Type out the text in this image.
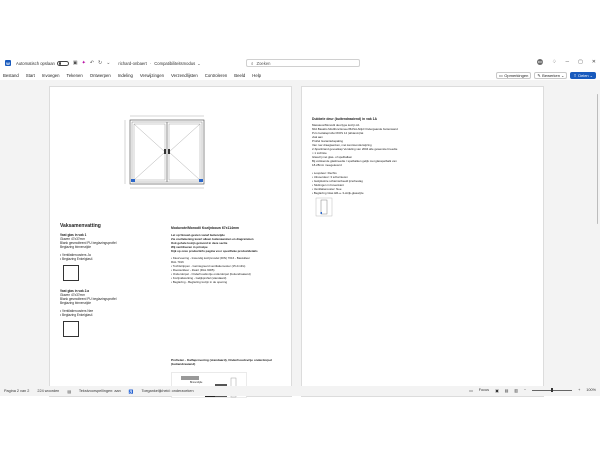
W Automatisch opslaan	▣ ✦ ↶ ↻ ⌄ richard-onbaert · Compatibiliteitsmodus ⌄	⌕ Zoeken	RO ♢ ─ ▢ ✕
Bestand Start Invoegen Tekenen Ontwerpen Indeling Verwijzingen Verzendlijsten Controleren Beeld Help	▭ Opmerkingen ✎ Bewerken ⌄ ⇪ Delen ⌄
Vaksamenvatting
Vast glas in vak 1
Glazen 47x37mm
Blank gesmolteerd PU beglazingsprofiel
Beglazing binnenzijde
• Ventilatieroosters Ja
• Beglazing Enkelglas4
Vast glas in vak 2.a
Glazen 47x37mm
Blank gesmolteerd PU beglazingsprofiel
Beglazing binnenzijde
• Ventilatieroosters Nee
• Beglazing Enkelglas4
Moduvote/Monodii Kozijnbouw 67x114mm
Let op! Bouwt-gesten vanaf buitenzijde
Zie vooltekening levert alleen buitenaanzien en diagrammen
Ook gehele kozijn getoond in deze sectie
Wij ventiliseren in principe
Kijk op onze productinfo pagina voor specifieke productdetails
• Kleurvoering - Inwendig kozijnmodel (DIN) 7016 - Basiskleur
RAL 7016
• Tochtstrippen - Geïntegreerd ventilatierooster (15 dm3/s)
• Roosterkleur - Zwart (RAL 9005)
• Onderdorpel - Onderhoudsvrije onderdorpel (buitendraaiend)
• Kozijnafwerking - Gelijkprofiel (standaard)
• Beglazing - Beglazing kozijn in de opening
Profielen - Kalfaprovering (standaard), Onderhoudsvrije onderdorpel (buitendraaiend)
Binnenzijde
Dubbele deur (buitendraaiend) in vak 1A
Massieve/Monodii deurtype kozijn A1
60A Basalto Modifunctioneel BASA Altijd Ondergaande buitenwand
Pu's Isolatieprofiel WOS 14 (afstand-)lat
vlak aan
Profiel Garantiebepaling
Van ruw draagwerken, met kennisonderwijzing
2-Spanbrand gevoelkap Verdeling van 2004 alle gewenste breedte
≈ 1 Lichtste
Glasvrij met glas- of spelbalken
Bij voldoende glasbreedte / spelbalken gelijk met glasspelbalk van
18-28mm meegeleverd
• Loopdeur: Rechts
• Uitvoerdeur: 3 scharnieren
• Getijdustrie scharnierbeeld ijzerbeslag
• Sluitingen in bovenkant
• Ventilatierooster: Nee
• Beglazing Glas HR++ 3-strijk-glaswijze
Pagina 2 van 2 224 woorden ▤ Tekstvoorspellingen: aan ♿ Toegankelijkheid: onderzoeken	▭ Focus ▣ ▤ ▥ −	+ 100%
